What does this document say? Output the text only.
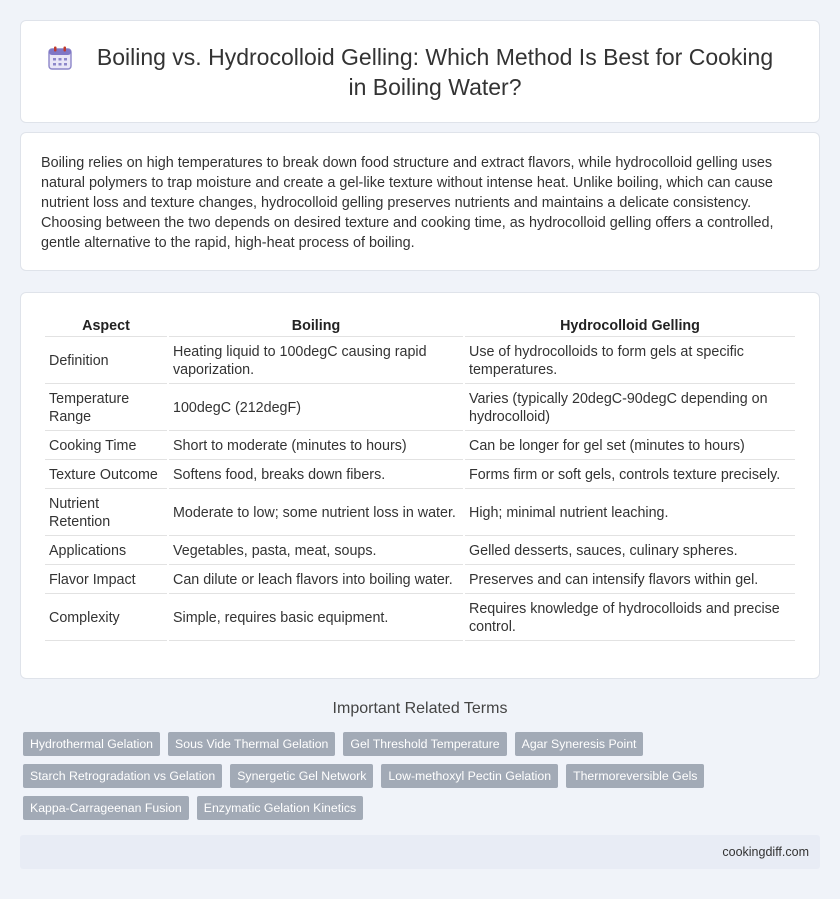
Boiling vs. Hydrocolloid Gelling: Which Method Is Best for Cooking in Boiling Water?

Boiling relies on high temperatures to break down food structure and extract flavors, while hydrocolloid gelling uses natural polymers to trap moisture and create a gel-like texture without intense heat. Unlike boiling, which can cause nutrient loss and texture changes, hydrocolloid gelling preserves nutrients and maintains a delicate consistency. Choosing between the two depends on desired texture and cooking time, as hydrocolloid gelling offers a controlled, gentle alternative to the rapid, high-heat process of boiling.

Aspect	Boiling	Hydrocolloid Gelling
Definition	Heating liquid to 100degC causing rapid vaporization.	Use of hydrocolloids to form gels at specific temperatures.
Temperature Range	100degC (212degF)	Varies (typically 20degC-90degC depending on hydrocolloid)
Cooking Time	Short to moderate (minutes to hours)	Can be longer for gel set (minutes to hours)
Texture Outcome	Softens food, breaks down fibers.	Forms firm or soft gels, controls texture precisely.
Nutrient Retention	Moderate to low; some nutrient loss in water.	High; minimal nutrient leaching.
Applications	Vegetables, pasta, meat, soups.	Gelled desserts, sauces, culinary spheres.
Flavor Impact	Can dilute or leach flavors into boiling water.	Preserves and can intensify flavors within gel.
Complexity	Simple, requires basic equipment.	Requires knowledge of hydrocolloids and precise control.
Important Related Terms
Hydrothermal Gelation	Sous Vide Thermal Gelation	Gel Threshold Temperature	Agar Syneresis Point
Starch Retrogradation vs Gelation	Synergetic Gel Network	Low-methoxyl Pectin Gelation	Thermoreversible Gels
Kappa-Carrageenan Fusion	Enzymatic Gelation Kinetics
cookingdiff.com
